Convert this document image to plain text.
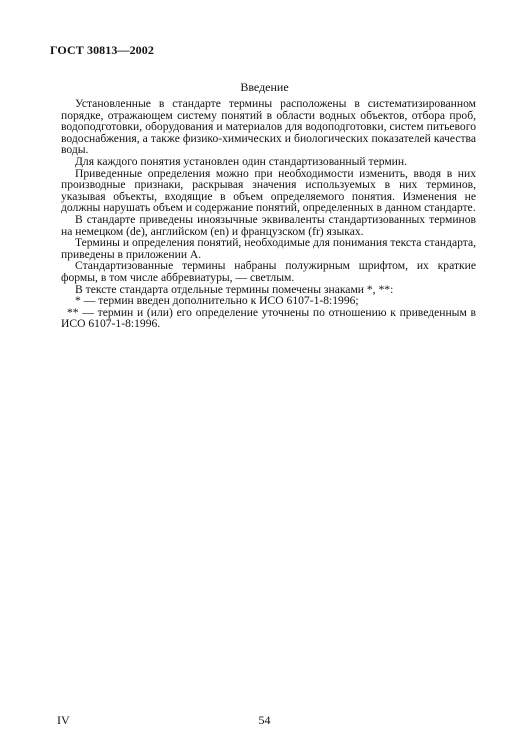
ГОСТ 30813—2002
Введение

Установленные в стандарте термины расположены в систематизированном порядке, отражающем систему понятий в области водных объектов, отбора проб, водоподготовки, оборудования и материалов для водоподготовки, систем питьевого водоснабжения, а также физико-химических и биологических показателей качества воды.

Для каждого понятия установлен один стандартизованный термин.

Приведенные определения можно при необходимости изменить, вводя в них производные признаки, раскрывая значения используемых в них терминов, указывая объекты, входящие в объем определяемого понятия. Изменения не должны нарушать объем и содержание понятий, определенных в данном стандарте.

В стандарте приведены иноязычные эквиваленты стандартизованных терминов на немецком (de), английском (en) и французском (fr) языках.

Термины и определения понятий, необходимые для понимания текста стандарта, приведены в приложении А.

Стандартизованные термины набраны полужирным шрифтом, их краткие формы, в том числе аббревиатуры, — светлым.

В тексте стандарта отдельные термины помечены знаками *, **:

* — термин введен дополнительно к ИСО 6107-1-8:1996;

** — термин и (или) его определение уточнены по отношению к приведенным в ИСО 6107-1-8:1996.

IV	54
